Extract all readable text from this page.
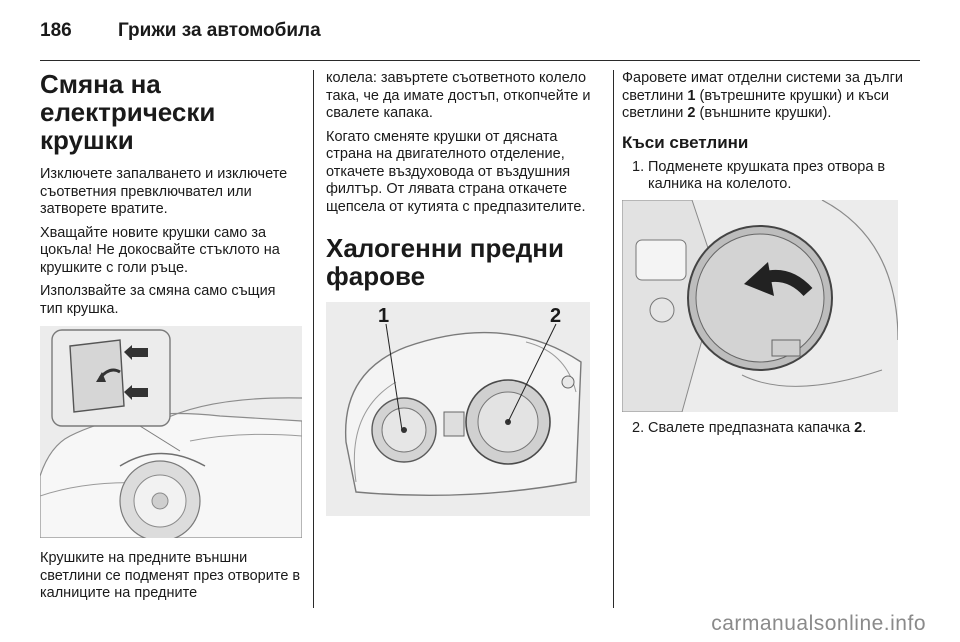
186 Грижи за автомобила
Смяна на електрически крушки

Изключете запалването и изключете съответния превключвател или затворете вратите.

Хващайте новите крушки само за цокъла! Не докосвайте стъклото на крушките с голи ръце.

Използвайте за смяна само същия тип крушка.

Крушките на предните външни светлини се подменят през отворите в калниците на предните

колела: завъртете съответното колело така, че да имате достъп, откопчейте и свалете капака.

Когато сменяте крушки от дясната страна на двигателното отделение, откачете въздуховода от въздушния филтър. От лявата страна откачете щепсела от кутията с предпазителите.

Халогенни предни фарове
1	2

Фаровете имат отделни системи за дълги светлини 1 (вътрешните крушки) и къси светлини 2 (външните крушки).

Къси светлини
1. Подменете крушката през отвора в калника на колелото.
2. Свалете предпазната капачка 2.
carmanualsonline.info
